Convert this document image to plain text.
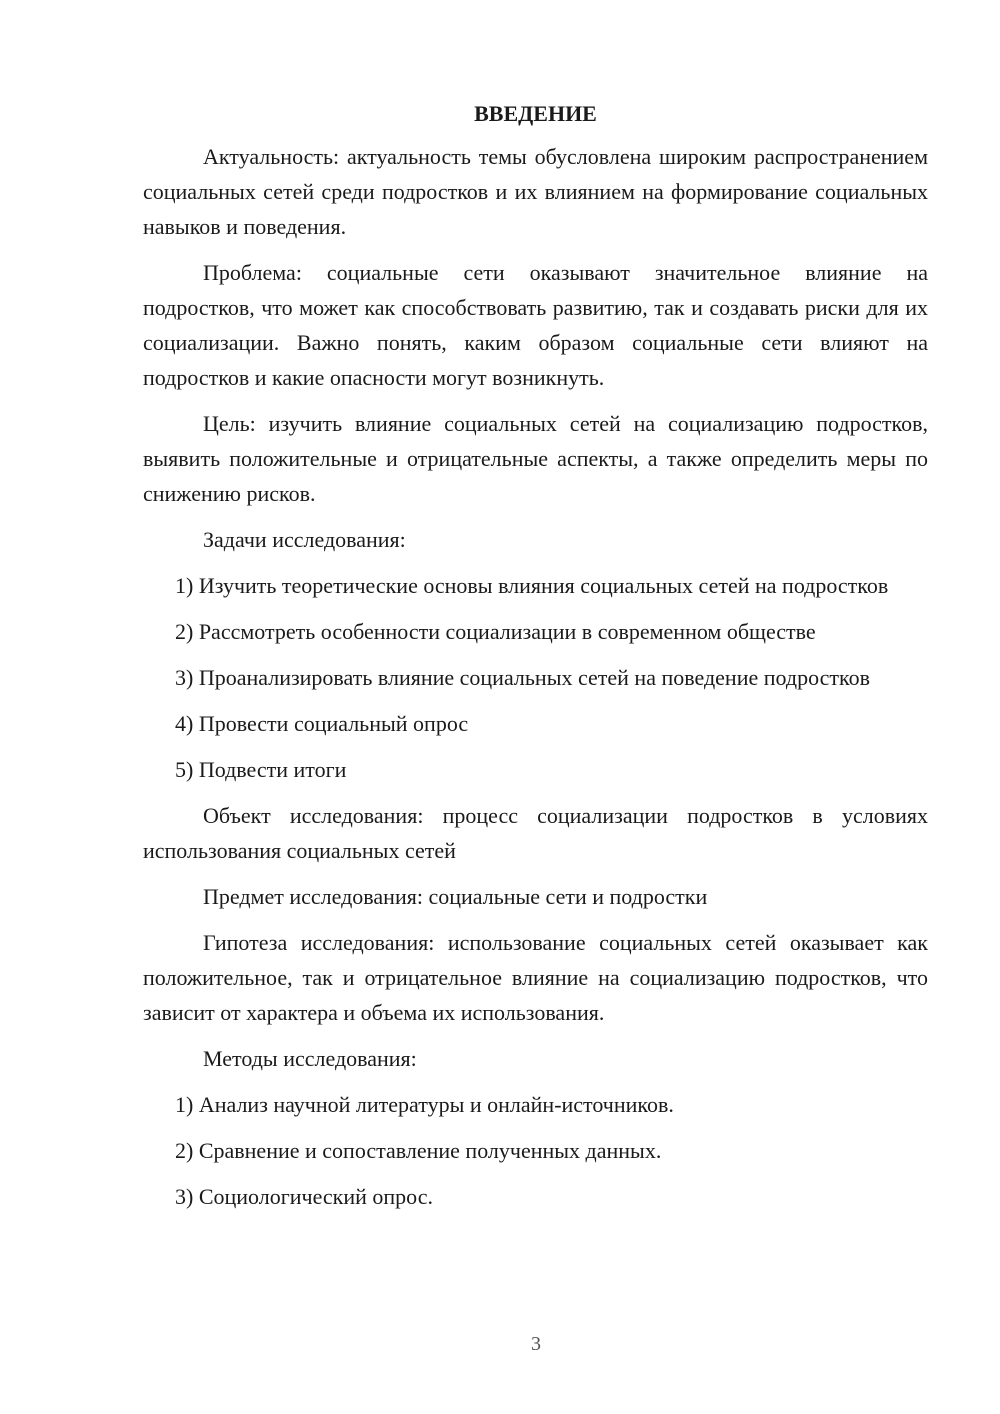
ВВЕДЕНИЕ

Актуальность: актуальность темы обусловлена широким распространением социальных сетей среди подростков и их влиянием на формирование социальных навыков и поведения.

Проблема: социальные сети оказывают значительное влияние на подростков, что может как способствовать развитию, так и создавать риски для их социализации. Важно понять, каким образом социальные сети влияют на подростков и какие опасности могут возникнуть.

Цель: изучить влияние социальных сетей на социализацию подростков, выявить положительные и отрицательные аспекты, а также определить меры по снижению рисков.

Задачи исследования:

1) Изучить теоретические основы влияния социальных сетей на подростков

2) Рассмотреть особенности социализации в современном обществе

3) Проанализировать влияние социальных сетей на поведение подростков

4) Провести социальный опрос

5) Подвести итоги

Объект исследования: процесс социализации подростков в условиях использования социальных сетей

Предмет исследования: социальные сети и подростки

Гипотеза исследования: использование социальных сетей оказывает как положительное, так и отрицательное влияние на социализацию подростков, что зависит от характера и объема их использования.

Методы исследования:

1) Анализ научной литературы и онлайн-источников.

2) Сравнение и сопоставление полученных данных.

3) Социологический опрос.

3
